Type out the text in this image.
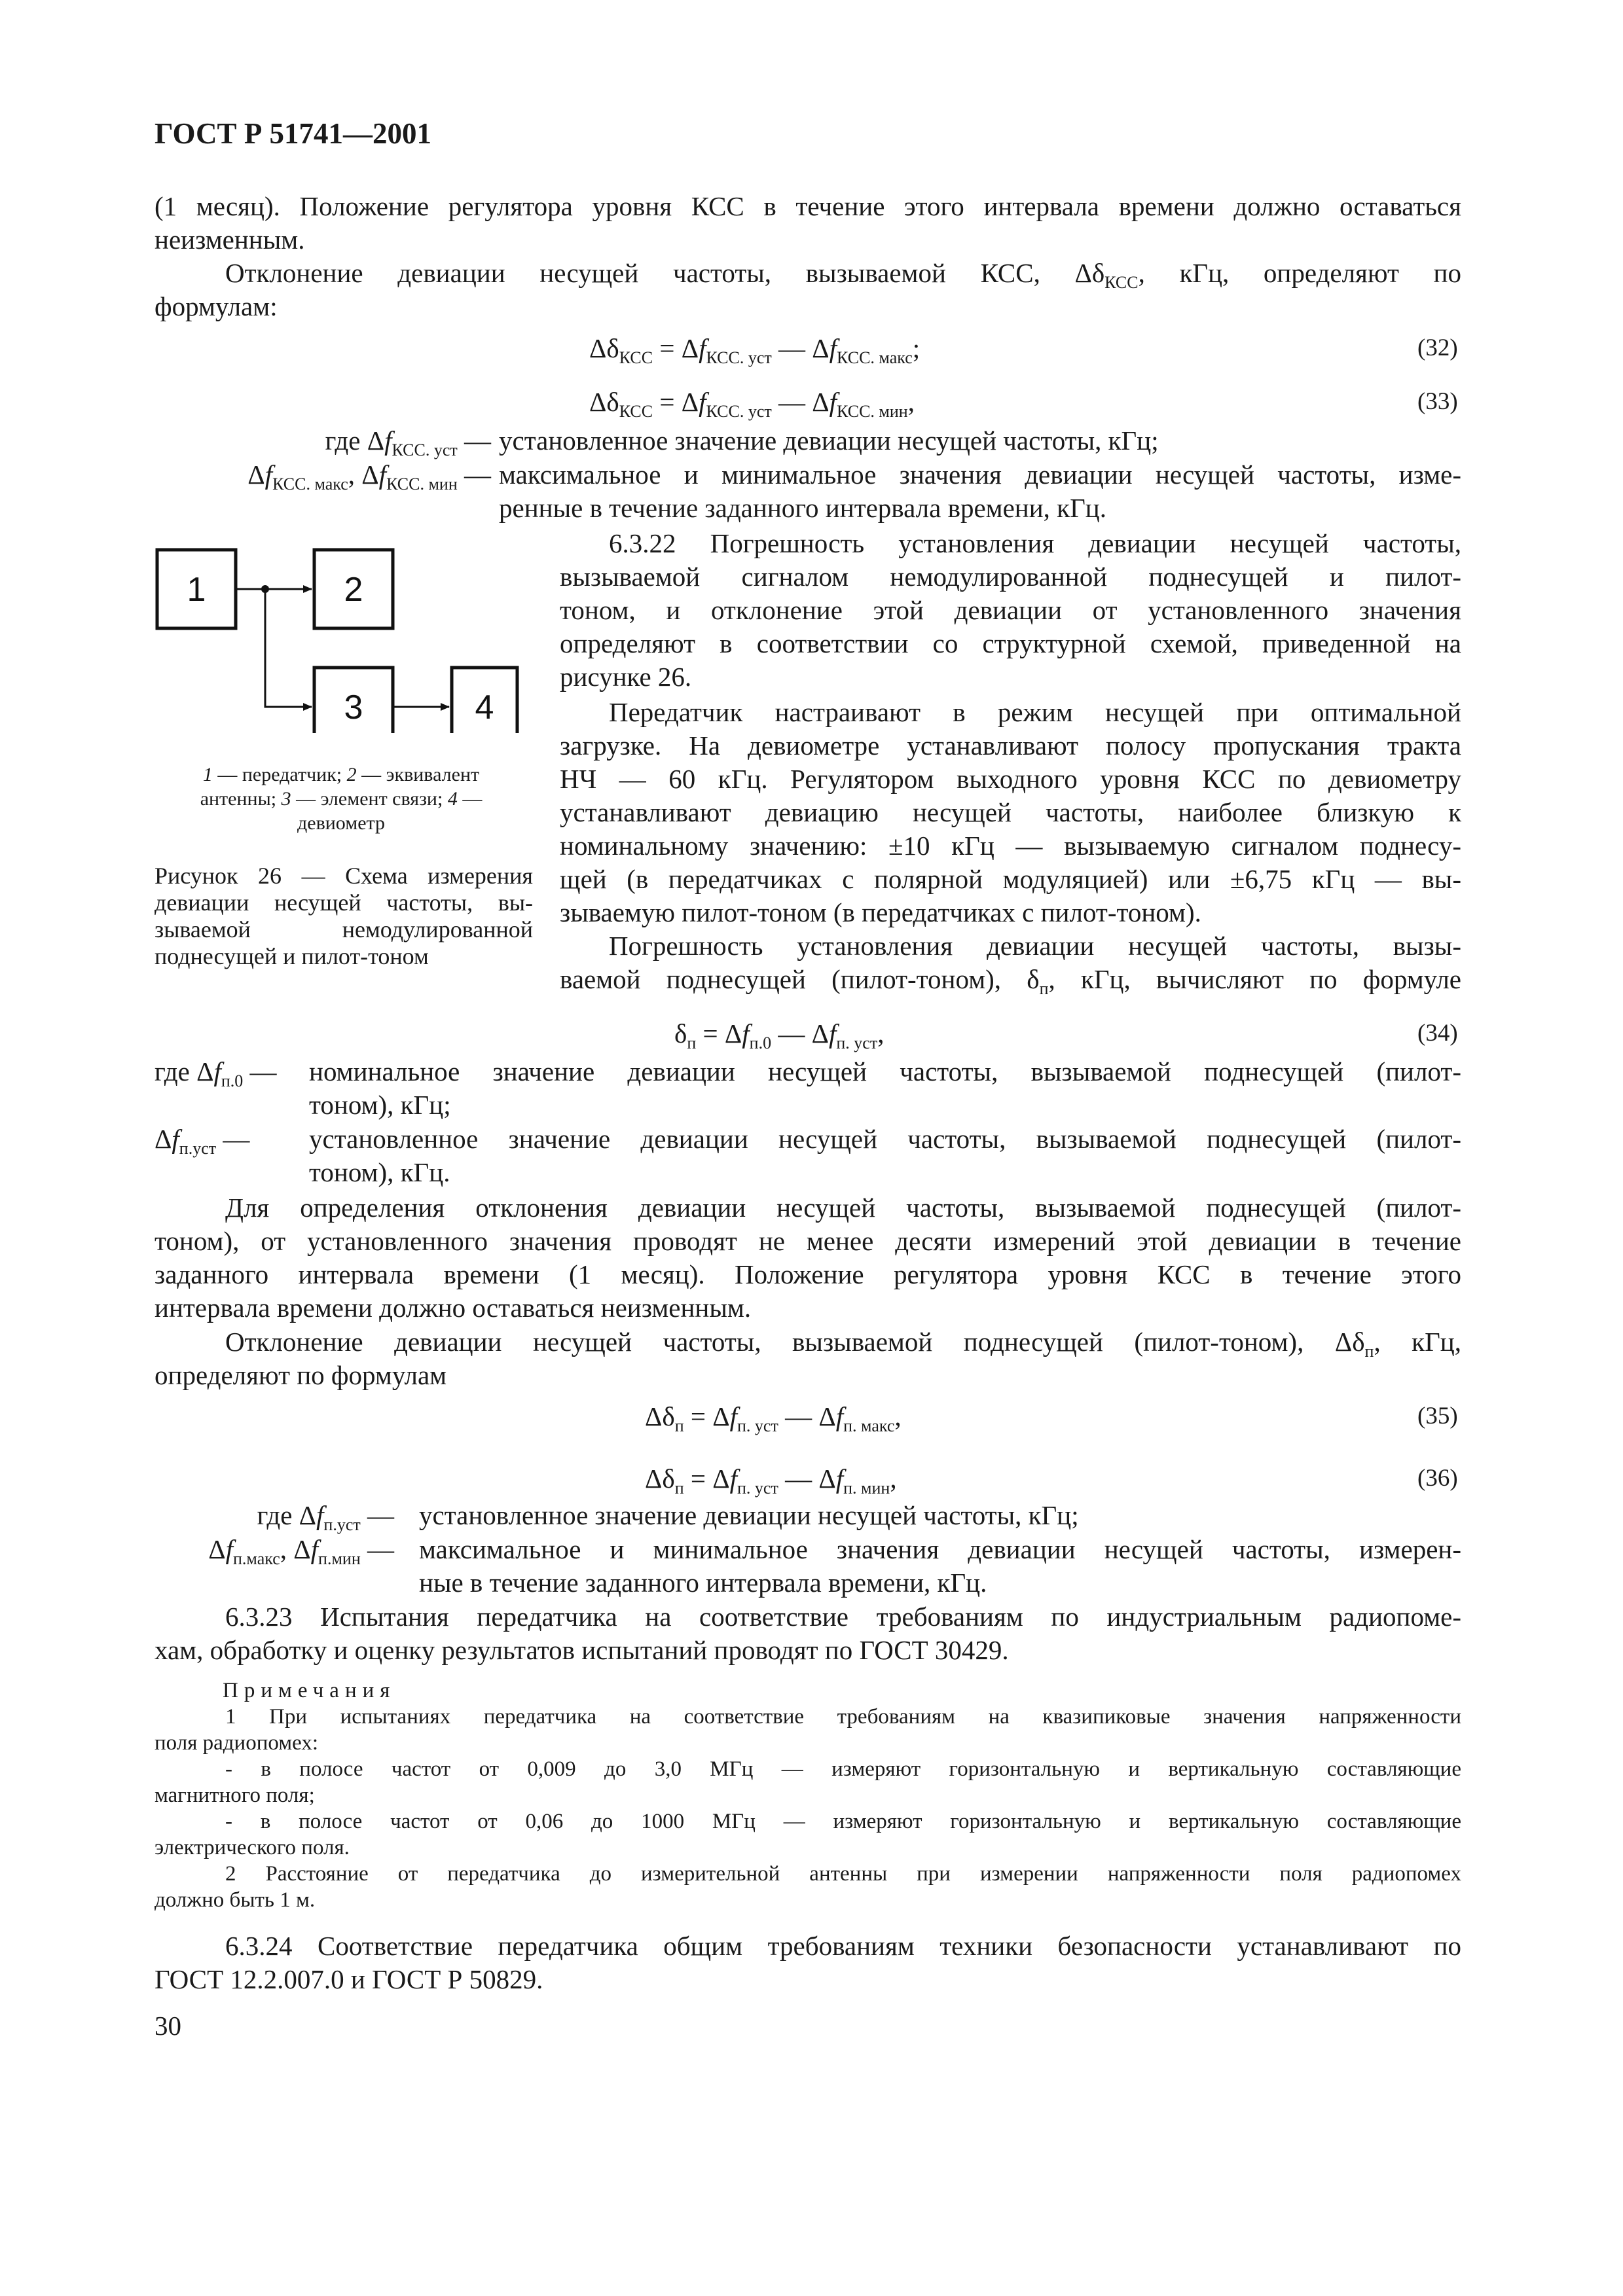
ГОСТ Р 51741—2001
(1 месяц). Положение регулятора уровня КСС в течение этого интервала времени должно оставаться
неизменным.
Отклонение девиации несущей частоты, вызываемой КСС, $\Delta\delta_{КСС}$, кГц, определяют по
формулам:
$\Delta\delta_{КСС} = \Delta f_{КСС. уст}$ — $\Delta f_{КСС. макс}$;	(32)
$\Delta\delta_{КСС} = \Delta f_{КСС. уст}$ — $\Delta f_{КСС. мин}$,	(33)
где $\Delta f_{КСС. уст}$ — установленное значение девиации несущей частоты, кГц;
$\Delta f_{КСС. макс}$, $\Delta f_{КСС. мин}$ — максимальное и минимальное значения девиации несущей частоты, изме-
ренные в течение заданного интервала времени, кГц.
1	2
3	4
1 — передатчик; 2 — эквивалент
антенны; 3 — элемент связи; 4 —
девиометр
Рисунок 26 — Схема измерения
девиации несущей частоты, вы-
зываемой немодулированной
поднесущей и пилот-тоном
6.3.22 Погрешность установления девиации несущей частоты,
вызываемой сигналом немодулированной поднесущей и пилот-
тоном, и отклонение этой девиации от установленного значения
определяют в соответствии со структурной схемой, приведенной на
рисунке 26.
Передатчик настраивают в режим несущей при оптимальной
загрузке. На девиометре устанавливают полосу пропускания тракта
НЧ — 60 кГц. Регулятором выходного уровня КСС по девиометру
устанавливают девиацию несущей частоты, наиболее близкую к
номинальному значению: ±10 кГц — вызываемую сигналом поднесу-
щей (в передатчиках с полярной модуляцией) или ±6,75 кГц — вы-
зываемую пилот-тоном (в передатчиках с пилот-тоном).
Погрешность установления девиации несущей частоты, вызы-
ваемой поднесущей (пилот-тоном), $\delta_п$, кГц, вычисляют по формуле
$\delta_п = \Delta f_{п.0}$ — $\Delta f_{п. уст}$,	(34)
где $\Delta f_{п.0}$ — номинальное значение девиации несущей частоты, вызываемой поднесущей (пилот-
тоном), кГц;
$\Delta f_{п.уст}$ — установленное значение девиации несущей частоты, вызываемой поднесущей (пилот-
тоном), кГц.
Для определения отклонения девиации несущей частоты, вызываемой поднесущей (пилот-
тоном), от установленного значения проводят не менее десяти измерений этой девиации в течение
заданного интервала времени (1 месяц). Положение регулятора уровня КСС в течение этого
интервала времени должно оставаться неизменным.
Отклонение девиации несущей частоты, вызываемой поднесущей (пилот-тоном), $\Delta\delta_п$, кГц,
определяют по формулам
$\Delta\delta_п = \Delta f_{п. уст}$ — $\Delta f_{п. макс}$,	(35)
$\Delta\delta_п = \Delta f_{п. уст}$ — $\Delta f_{п. мин}$,	(36)
где $\Delta f_{п.уст}$ — установленное значение девиации несущей частоты, кГц;
$\Delta f_{п.макс}$, $\Delta f_{п.мин}$ — максимальное и минимальное значения девиации несущей частоты, измерен-
ные в течение заданного интервала времени, кГц.
6.3.23 Испытания передатчика на соответствие требованиям по индустриальным радиопоме-
хам, обработку и оценку результатов испытаний проводят по ГОСТ 30429.
Примечания
1 При испытаниях передатчика на соответствие требованиям на квазипиковые значения напряженности
поля радиопомех:
- в полосе частот от 0,009 до 3,0 МГц — измеряют горизонтальную и вертикальную составляющие
магнитного поля;
- в полосе частот от 0,06 до 1000 МГц — измеряют горизонтальную и вертикальную составляющие
электрического поля.
2 Расстояние от передатчика до измерительной антенны при измерении напряженности поля радиопомех
должно быть 1 м.
6.3.24 Соответствие передатчика общим требованиям техники безопасности устанавливают по
ГОСТ 12.2.007.0 и ГОСТ Р 50829.
30
